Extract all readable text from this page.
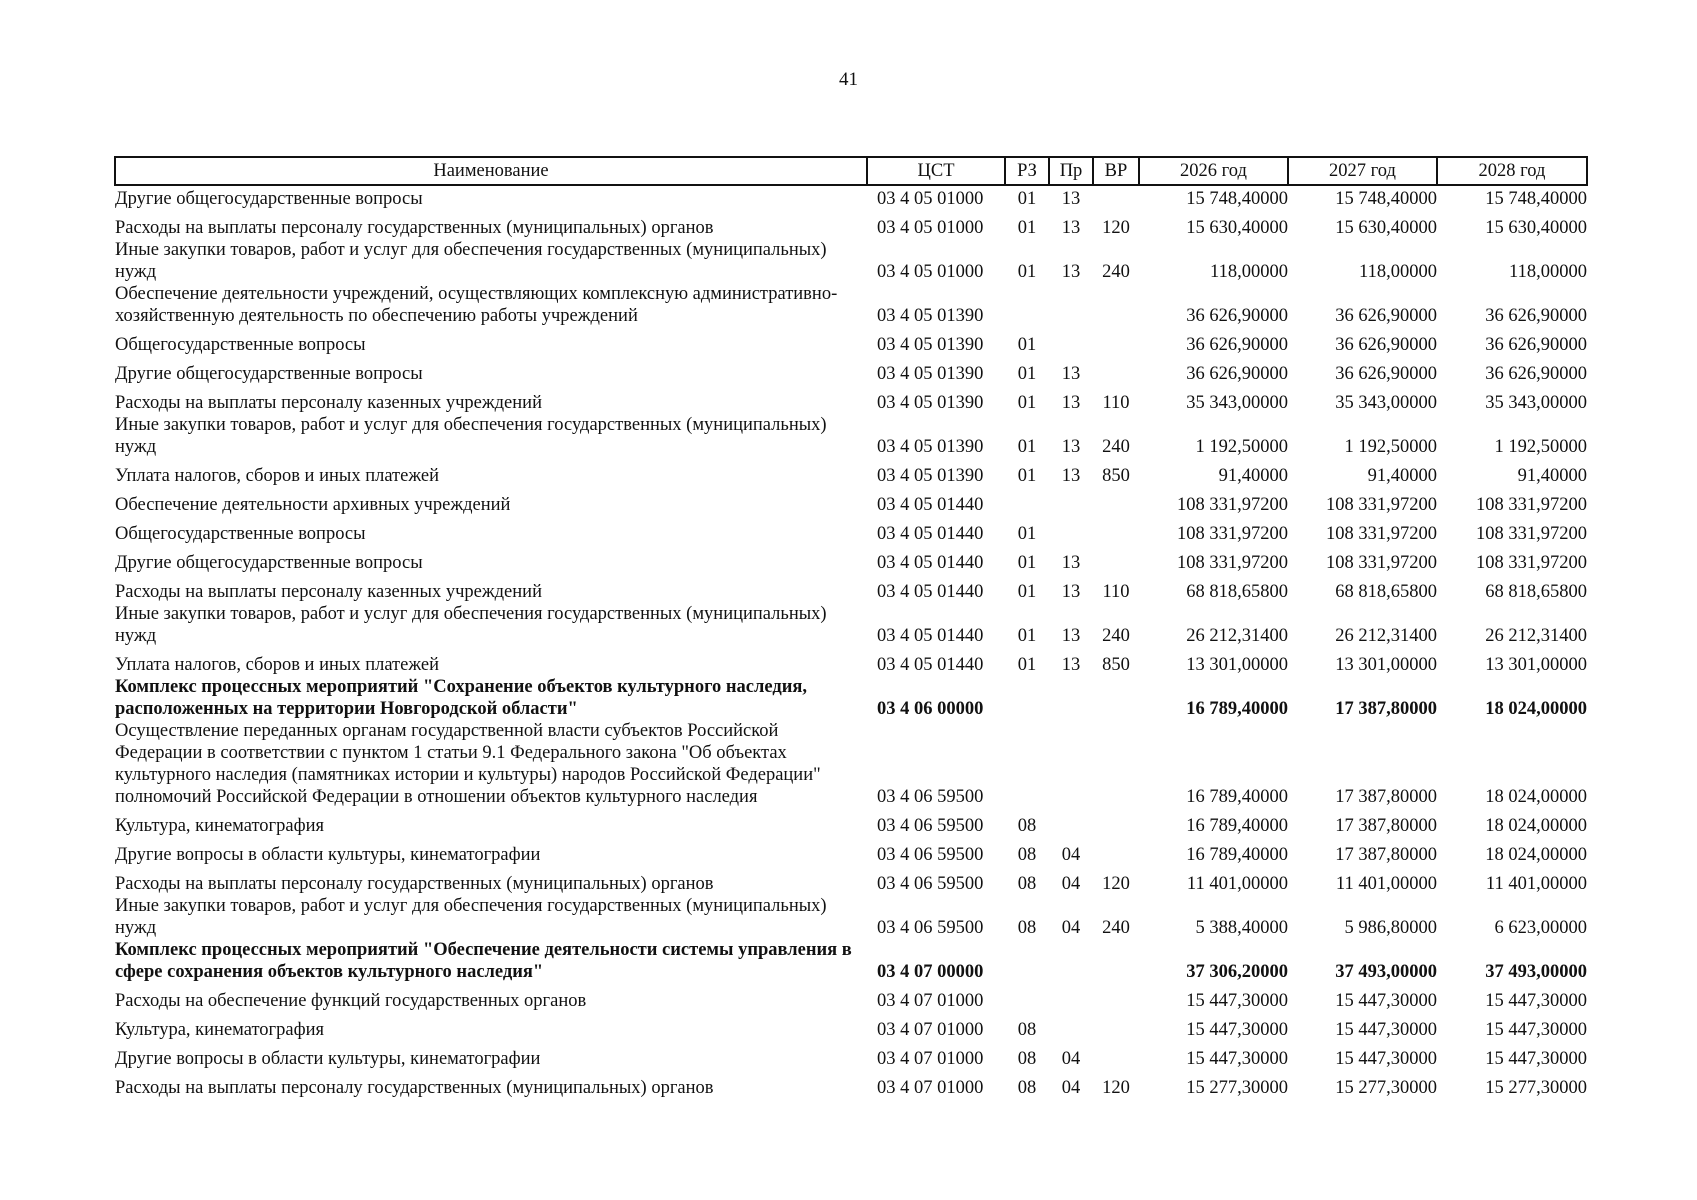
41
Наименование	ЦСТ	РЗ	Пр	ВР	2026 год	2027 год	2028 год
Другие общегосударственные вопросы	03 4 05 01000	01	13		15 748,40000	15 748,40000	15 748,40000
Расходы на выплаты персоналу государственных (муниципальных) органов	03 4 05 01000	01	13	120	15 630,40000	15 630,40000	15 630,40000
Иные закупки товаров, работ и услуг для обеспечения государственных (муниципальных) нужд	03 4 05 01000	01	13	240	118,00000	118,00000	118,00000
Обеспечение деятельности учреждений, осуществляющих комплексную административно-хозяйственную деятельность по обеспечению работы учреждений	03 4 05 01390				36 626,90000	36 626,90000	36 626,90000
Общегосударственные вопросы	03 4 05 01390	01			36 626,90000	36 626,90000	36 626,90000
Другие общегосударственные вопросы	03 4 05 01390	01	13		36 626,90000	36 626,90000	36 626,90000
Расходы на выплаты персоналу казенных учреждений	03 4 05 01390	01	13	110	35 343,00000	35 343,00000	35 343,00000
Иные закупки товаров, работ и услуг для обеспечения государственных (муниципальных) нужд	03 4 05 01390	01	13	240	1 192,50000	1 192,50000	1 192,50000
Уплата налогов, сборов и иных платежей	03 4 05 01390	01	13	850	91,40000	91,40000	91,40000
Обеспечение деятельности архивных учреждений	03 4 05 01440				108 331,97200	108 331,97200	108 331,97200
Общегосударственные вопросы	03 4 05 01440	01			108 331,97200	108 331,97200	108 331,97200
Другие общегосударственные вопросы	03 4 05 01440	01	13		108 331,97200	108 331,97200	108 331,97200
Расходы на выплаты персоналу казенных учреждений	03 4 05 01440	01	13	110	68 818,65800	68 818,65800	68 818,65800
Иные закупки товаров, работ и услуг для обеспечения государственных (муниципальных) нужд	03 4 05 01440	01	13	240	26 212,31400	26 212,31400	26 212,31400
Уплата налогов, сборов и иных платежей	03 4 05 01440	01	13	850	13 301,00000	13 301,00000	13 301,00000
Комплекс процессных мероприятий "Сохранение объектов культурного наследия, расположенных на территории Новгородской области"	03 4 06 00000				16 789,40000	17 387,80000	18 024,00000
Осуществление переданных органам государственной власти субъектов Российской Федерации в соответствии с пунктом 1 статьи 9.1 Федерального закона "Об объектах культурного наследия (памятниках истории и культуры) народов Российской Федерации" полномочий Российской Федерации в отношении объектов культурного наследия	03 4 06 59500				16 789,40000	17 387,80000	18 024,00000
Культура, кинематография	03 4 06 59500	08			16 789,40000	17 387,80000	18 024,00000
Другие вопросы в области культуры, кинематографии	03 4 06 59500	08	04		16 789,40000	17 387,80000	18 024,00000
Расходы на выплаты персоналу государственных (муниципальных) органов	03 4 06 59500	08	04	120	11 401,00000	11 401,00000	11 401,00000
Иные закупки товаров, работ и услуг для обеспечения государственных (муниципальных) нужд	03 4 06 59500	08	04	240	5 388,40000	5 986,80000	6 623,00000
Комплекс процессных мероприятий "Обеспечение деятельности системы управления в сфере сохранения объектов культурного наследия"	03 4 07 00000				37 306,20000	37 493,00000	37 493,00000
Расходы на обеспечение функций государственных органов	03 4 07 01000				15 447,30000	15 447,30000	15 447,30000
Культура, кинематография	03 4 07 01000	08			15 447,30000	15 447,30000	15 447,30000
Другие вопросы в области культуры, кинематографии	03 4 07 01000	08	04		15 447,30000	15 447,30000	15 447,30000
Расходы на выплаты персоналу государственных (муниципальных) органов	03 4 07 01000	08	04	120	15 277,30000	15 277,30000	15 277,30000
